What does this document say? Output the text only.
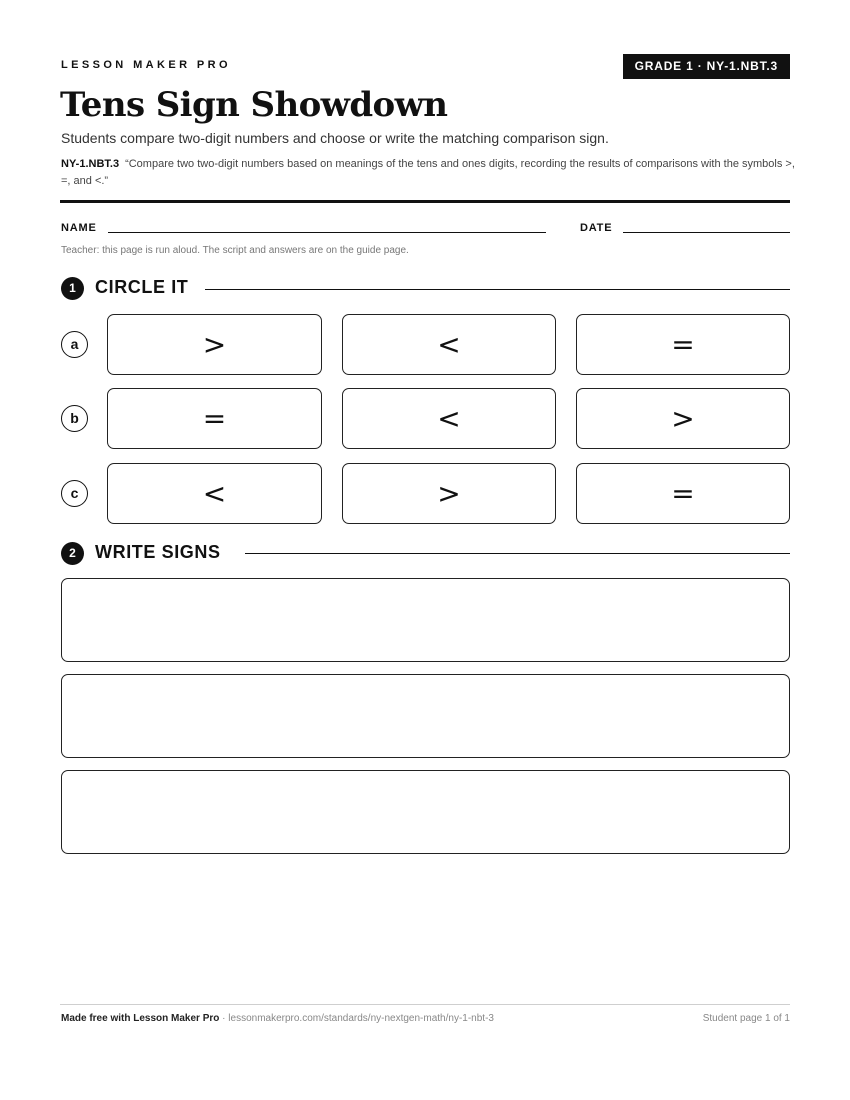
LESSON MAKER PRO	GRADE 1 · NY-1.NBT.3
Tens Sign Showdown
Students compare two-digit numbers and choose or write the matching comparison sign.
NY-1.NBT.3 “Compare two two-digit numbers based on meanings of the tens and ones digits, recording the results of comparisons with the symbols >, =, and <.”
NAME	DATE
Teacher: this page is run aloud. The script and answers are on the guide page.
1	CIRCLE IT
a	>	<	=
b	=	<	>
c	<	>	=
2	WRITE SIGNS
Made free with Lesson Maker Pro · lessonmakerpro.com/standards/ny-nextgen-math/ny-1-nbt-3	Student page 1 of 1
